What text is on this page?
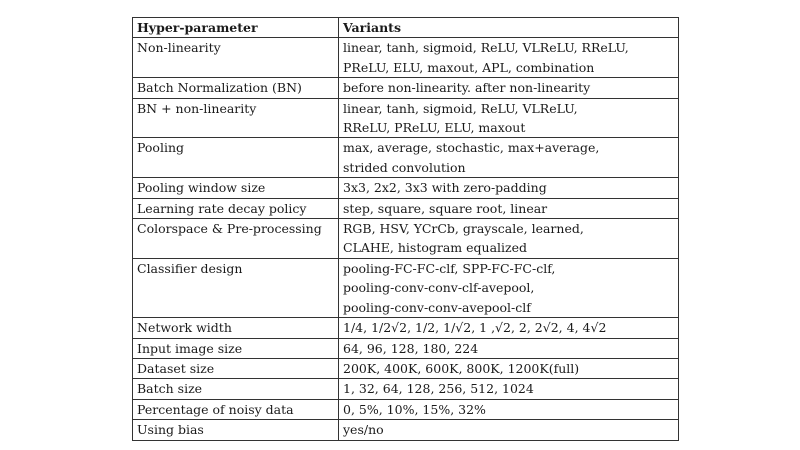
Hyper-parameter	Variants
Non-linearity	linear, tanh, sigmoid, ReLU, VLReLU, RReLU,
PReLU, ELU, maxout, APL, combination

Batch Normalization (BN)	before non-linearity. after non-linearity

BN + non-linearity	linear, tanh, sigmoid, ReLU, VLReLU,
RReLU, PReLU, ELU, maxout

Pooling	max, average, stochastic, max+average,
strided convolution

Pooling window size	3x3, 2x2, 3x3 with zero-padding

Learning rate decay policy	step, square, square root, linear

Colorspace & Pre-processing	RGB, HSV, YCrCb, grayscale, learned,
CLAHE, histogram equalized

Classifier design	pooling-FC-FC-clf, SPP-FC-FC-clf,
pooling-conv-conv-clf-avepool,
pooling-conv-conv-avepool-clf

Network width	1/4, 1/2√2, 1/2, 1/√2, 1 ,√2, 2, 2√2, 4, 4√2

Input image size	64, 96, 128, 180, 224

Dataset size	200K, 400K, 600K, 800K, 1200K(full)

Batch size	1, 32, 64, 128, 256, 512, 1024

Percentage of noisy data	0, 5%, 10%, 15%, 32%

Using bias	yes/no
